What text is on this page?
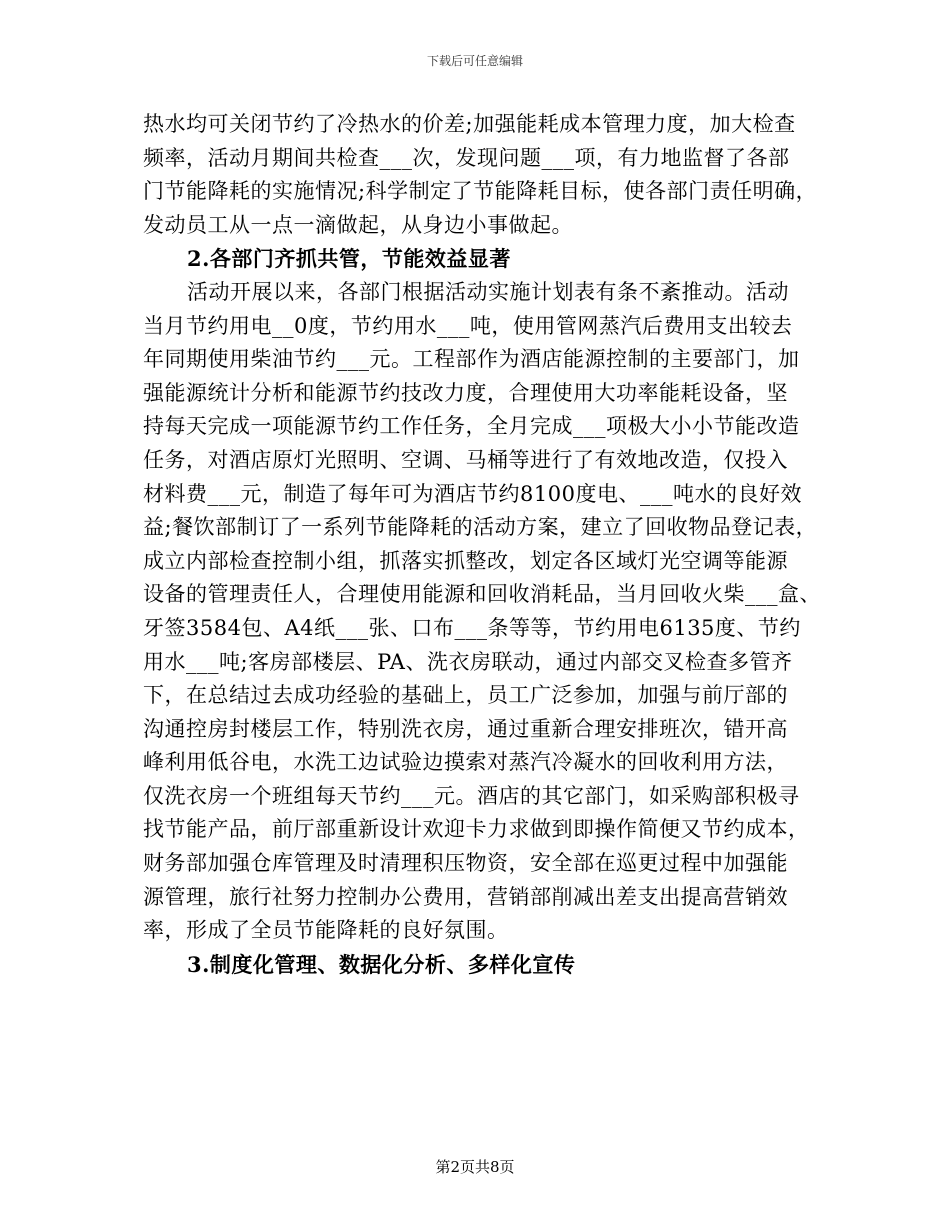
下载后可任意编辑
热水均可关闭节约了冷热水的价差;加强能耗成本管理力度，加大检查
频率，活动月期间共检查___次，发现问题___项，有力地监督了各部
门节能降耗的实施情况;科学制定了节能降耗目标，使各部门责任明确，
发动员工从一点一滴做起，从身边小事做起。
2.各部门齐抓共管，节能效益显著
活动开展以来，各部门根据活动实施计划表有条不紊推动。活动
当月节约用电__0度，节约用水___吨，使用管网蒸汽后费用支出较去
年同期使用柴油节约___元。工程部作为酒店能源控制的主要部门，加
强能源统计分析和能源节约技改力度，合理使用大功率能耗设备，坚
持每天完成一项能源节约工作任务，全月完成___项极大小小节能改造
任务，对酒店原灯光照明、空调、马桶等进行了有效地改造，仅投入
材料费___元，制造了每年可为酒店节约8100度电、___吨水的良好效
益;餐饮部制订了一系列节能降耗的活动方案，建立了回收物品登记表，
成立内部检查控制小组，抓落实抓整改，划定各区域灯光空调等能源
设备的管理责任人，合理使用能源和回收消耗品，当月回收火柴___盒、
牙签3584包、A4纸___张、口布___条等等，节约用电6135度、节约
用水___吨;客房部楼层、PA、洗衣房联动，通过内部交叉检查多管齐
下，在总结过去成功经验的基础上，员工广泛参加，加强与前厅部的
沟通控房封楼层工作，特别洗衣房，通过重新合理安排班次，错开高
峰利用低谷电，水洗工边试验边摸索对蒸汽冷凝水的回收利用方法，
仅洗衣房一个班组每天节约___元。酒店的其它部门，如采购部积极寻
找节能产品，前厅部重新设计欢迎卡力求做到即操作简便又节约成本，
财务部加强仓库管理及时清理积压物资，安全部在巡更过程中加强能
源管理，旅行社努力控制办公费用，营销部削减出差支出提高营销效
率，形成了全员节能降耗的良好氛围。
3.制度化管理、数据化分析、多样化宣传
第2页共8页
